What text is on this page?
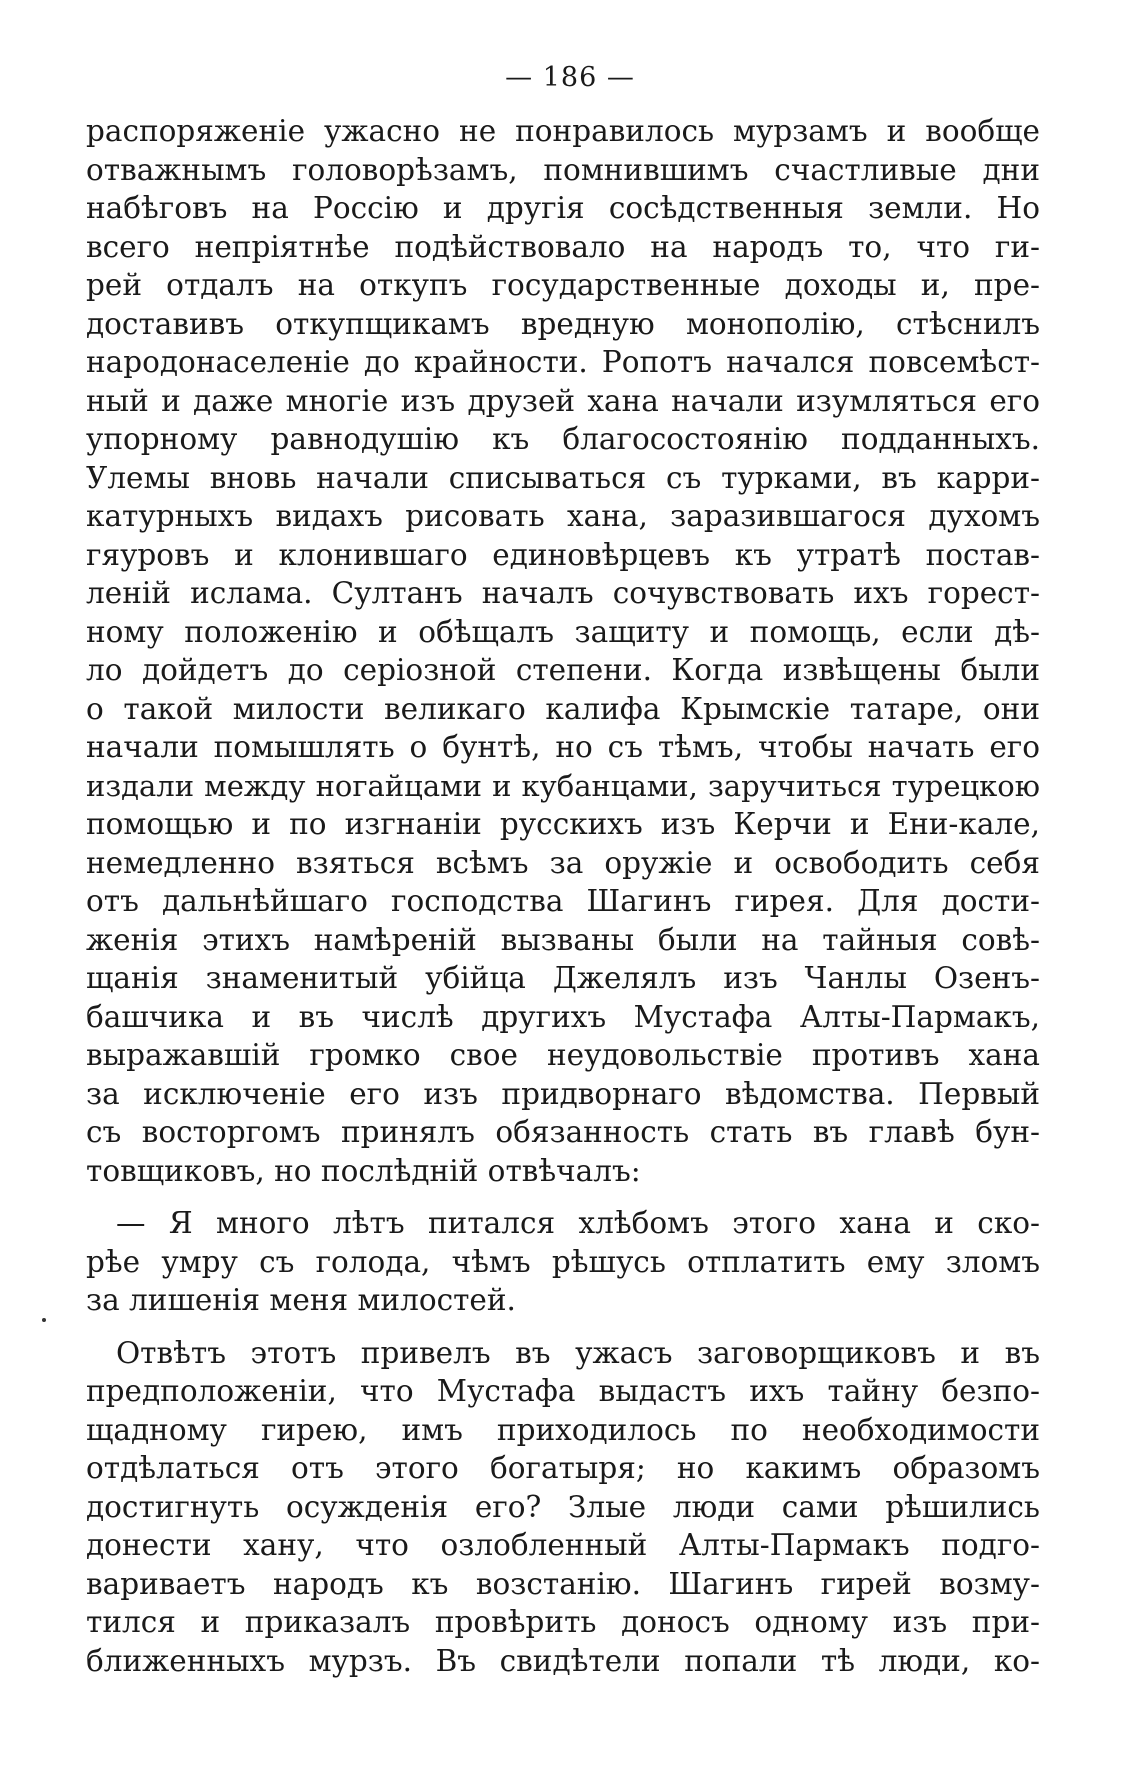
— 186 —
распоряженіе ужасно не понравилось мурзамъ и вообще
отважнымъ головорѣзамъ, помнившимъ счастливые дни
набѣговъ на Россію и другія сосѣдственныя земли. Но
всего непріятнѣе подѣйствовало на народъ то, что ги-
рей отдалъ на откупъ государственные доходы и, пре-
доставивъ откупщикамъ вредную монополію, стѣснилъ
народонаселеніе до крайности. Ропотъ начался повсемѣст-
ный и даже многіе изъ друзей хана начали изумляться его
упорному равнодушію къ благосостоянію подданныхъ.
Улемы вновь начали списываться съ турками, въ карри-
катурныхъ видахъ рисовать хана, заразившагося духомъ
гяуровъ и клонившаго единовѣрцевъ къ утратѣ постав-
леній ислама. Султанъ началъ сочувствовать ихъ горест-
ному положенію и обѣщалъ защиту и помощь, если дѣ-
ло дойдетъ до серіозной степени. Когда извѣщены были
о такой милости великаго калифа Крымскіе татаре, они
начали помышлять о бунтѣ, но съ тѣмъ, чтобы начать его
издали между ногайцами и кубанцами, заручиться турецкою
помощью и по изгнаніи русскихъ изъ Керчи и Ени-кале,
немедленно взяться всѣмъ за оружіе и освободить себя
отъ дальнѣйшаго господства Шагинъ гирея. Для дости-
женія этихъ намѣреній вызваны были на тайныя совѣ-
щанія знаменитый убійца Джелялъ изъ Чанлы Озенъ-
башчика и въ числѣ другихъ Мустафа Алты-Пармакъ,
выражавшій громко свое неудовольствіе противъ хана
за исключеніе его изъ придворнаго вѣдомства. Первый
съ восторгомъ принялъ обязанность стать въ главѣ бун-
товщиковъ, но послѣдній отвѣчалъ:
— Я много лѣтъ питался хлѣбомъ этого хана и ско-
рѣе умру съ голода, чѣмъ рѣшусь отплатить ему зломъ
за лишенія меня милостей.
Отвѣтъ этотъ привелъ въ ужасъ заговорщиковъ и въ
предположеніи, что Мустафа выдастъ ихъ тайну безпо-
щадному гирею, имъ приходилось по необходимости
отдѣлаться отъ этого богатыря; но какимъ образомъ
достигнуть осужденія его? Злые люди сами рѣшились
донести хану, что озлобленный Алты-Пармакъ подго-
вариваетъ народъ къ возстанію. Шагинъ гирей возму-
тился и приказалъ провѣрить доносъ одному изъ при-
ближенныхъ мурзъ. Въ свидѣтели попали тѣ люди, ко-
